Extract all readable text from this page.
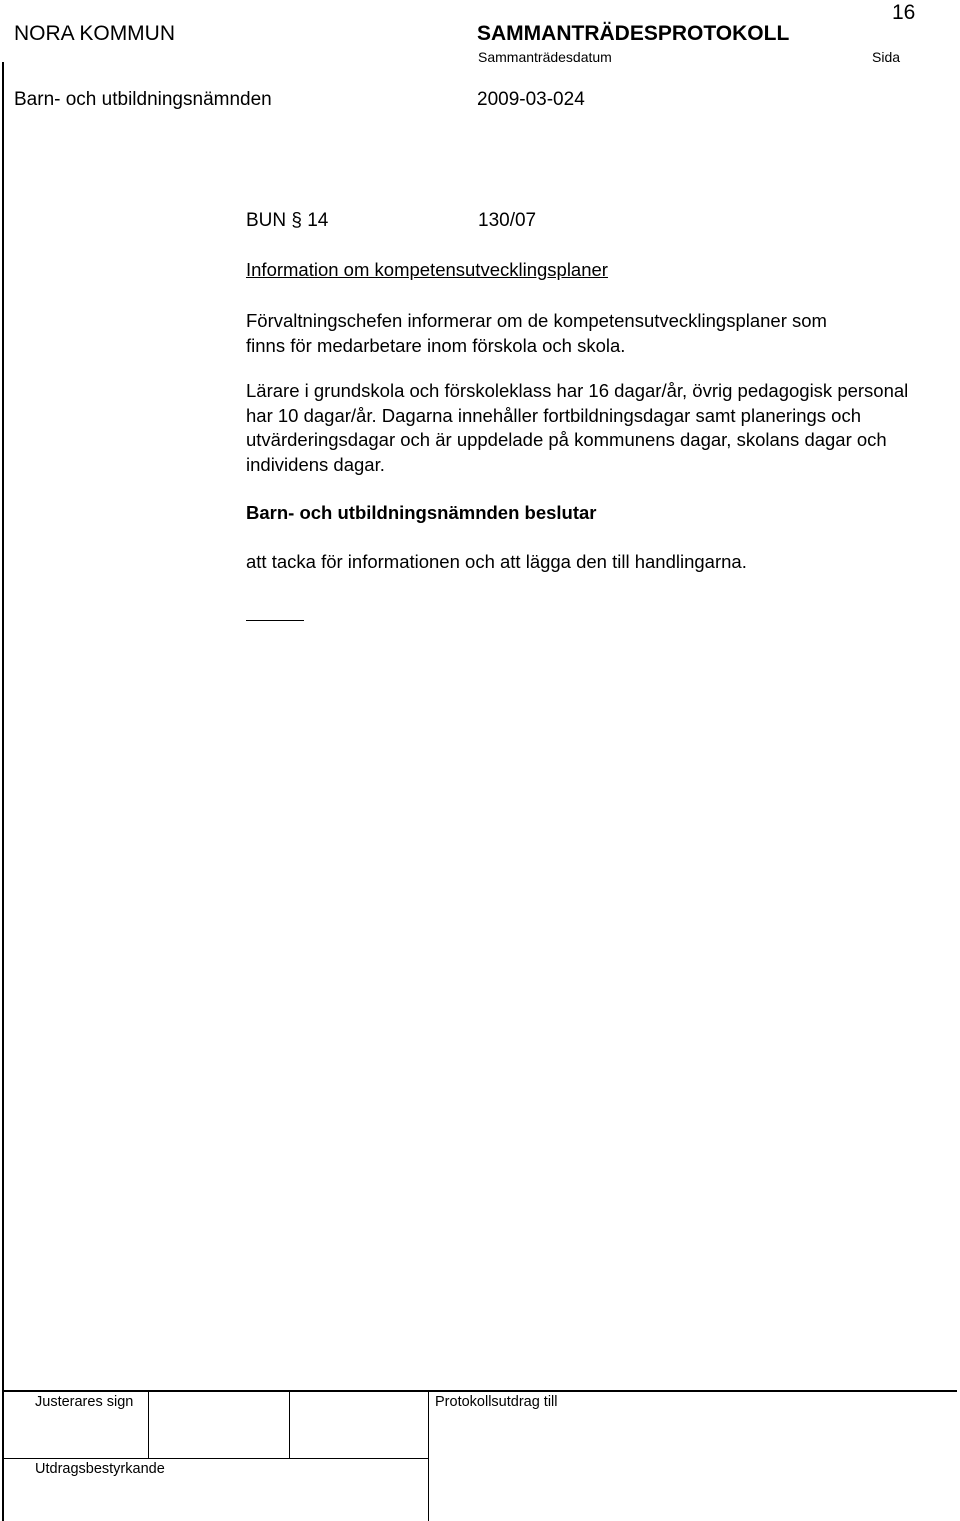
NORA KOMMUN	SAMMANTRÄDESPROTOKOLL
16
Sammanträdesdatum	Sida
Barn- och utbildningsnämnden	2009-03-024
BUN § 14	130/07
Information om kompetensutvecklingsplaner
Förvaltningschefen informerar om de kompetensutvecklingsplaner som finns för medarbetare inom förskola och skola.
Lärare i grundskola och förskoleklass har 16 dagar/år, övrig pedagogisk personal har 10 dagar/år. Dagarna innehåller fortbildningsdagar samt planerings och utvärderingsdagar och är uppdelade på kommunens dagar, skolans dagar och individens dagar.
Barn- och utbildningsnämnden beslutar
att tacka för informationen och att lägga den till handlingarna.
Justerares sign	Protokollsutdrag till
Utdragsbestyrkande
